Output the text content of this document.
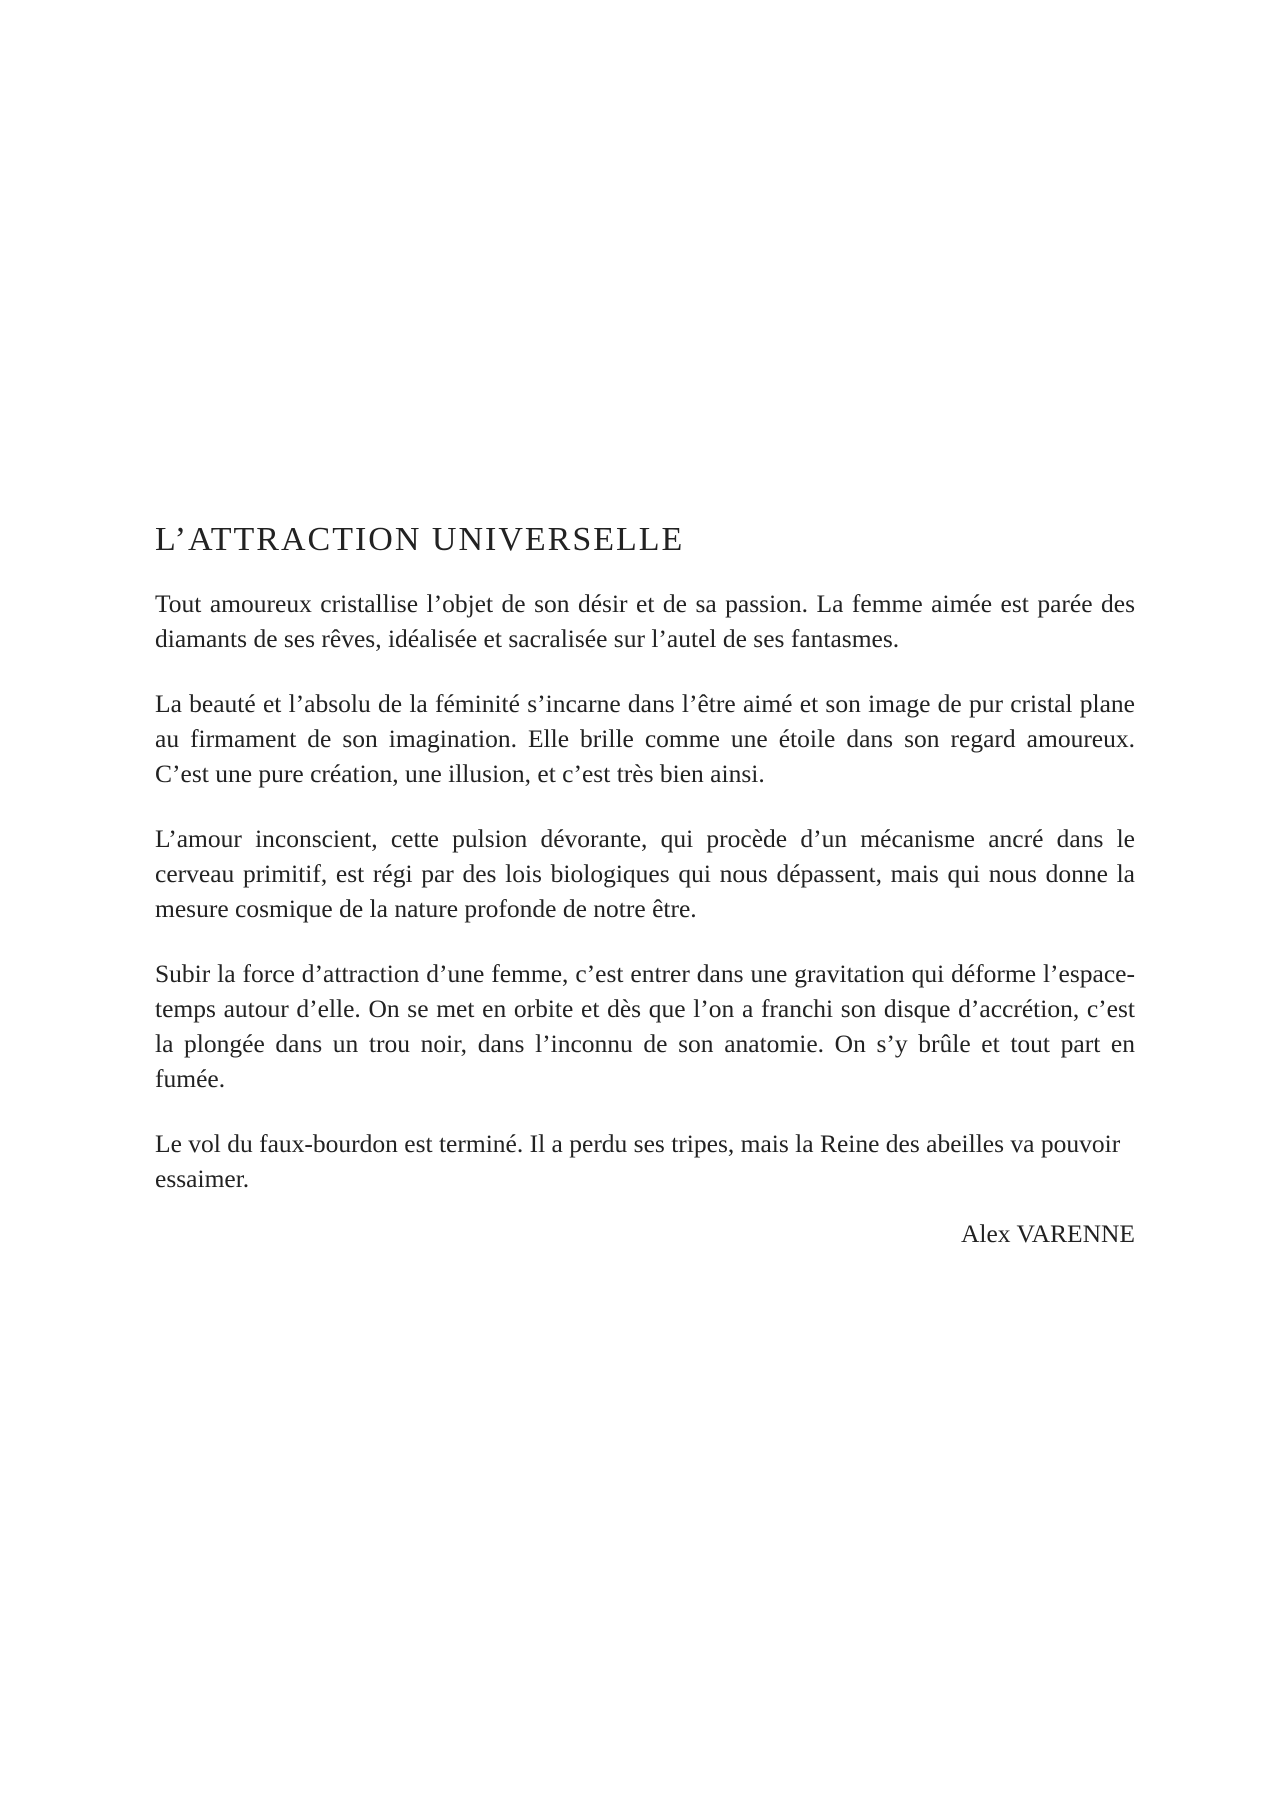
L’ATTRACTION UNIVERSELLE

Tout amoureux cristallise l’objet de son désir et de sa passion. La femme aimée est parée des diamants de ses rêves, idéalisée et sacralisée sur l’autel de ses fantasmes.

La beauté et l’absolu de la féminité s’incarne dans l’être aimé et son image de pur cristal plane au firmament de son imagination. Elle brille comme une étoile dans son regard amoureux. C’est une pure création, une illusion, et c’est très bien ainsi.

L’amour inconscient, cette pulsion dévorante, qui procède d’un mécanisme ancré dans le cerveau primitif, est régi par des lois biologiques qui nous dépassent, mais qui nous donne la mesure cosmique de la nature profonde de notre être.

Subir la force d’attraction d’une femme, c’est entrer dans une gravitation qui déforme l’espace-temps autour d’elle. On se met en orbite et dès que l’on a franchi son disque d’accrétion, c’est la plongée dans un trou noir, dans l’inconnu de son anatomie. On s’y brûle et tout part en fumée.

Le vol du faux-bourdon est terminé. Il a perdu ses tripes, mais la Reine des abeilles va pouvoir essaimer.

Alex VARENNE
